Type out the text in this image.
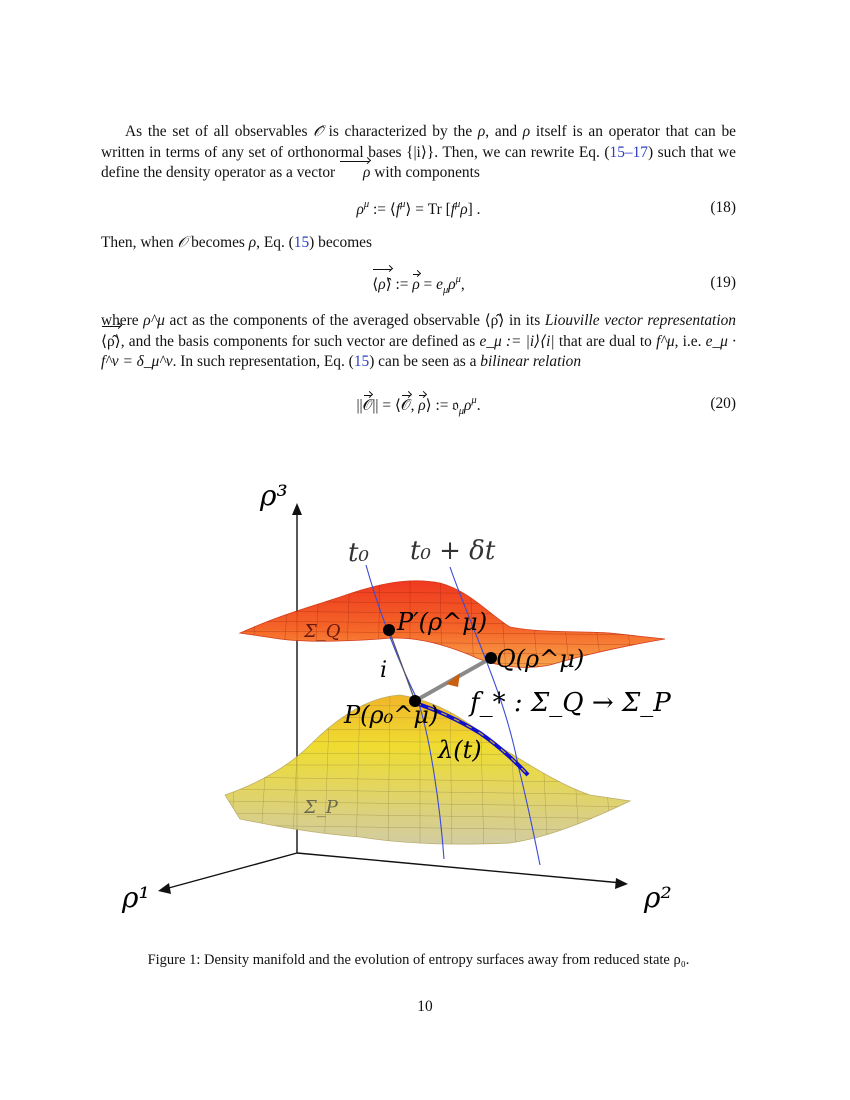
As the set of all observables 𝒪̂ is characterized by the ρ, and ρ itself is an operator that can be written in terms of any set of orthonormal bases {|i⟩}. Then, we can rewrite Eq. (15–17) such that we define the density operator as a vector ρ with components

$\rho^\mu$ := $⟨f^\mu⟩ = Tr$ $[f^\mu\rho]$ .	(18)

Then, when 𝒪 becomes ρ, Eq. (15) becomes

⟨ρ̂⟩ := $\rho = e_\mu\rho^\mu$,	(19)

where ρ^μ act as the components of the averaged observable ⟨ρ̂⟩ in its Liouville vector representation ⟨ρ̂⟩, and the basis components for such vector are defined as e_μ := |i⟩⟨i| that are dual to f^μ, i.e. e_μ · f^ν = δ_μ^ν. In such representation, Eq. (15) can be seen as a bilinear relation

||𝒪|| = ⟨𝒪, ρ⟩ := $𝔬_\mu\rho^\mu$.	(20)
ρ³
ρ¹	ρ²
t₀ t₀ + δt
Σ_Q
Σ_P
P′(ρ^μ)
Q(ρ^μ)
P(ρ₀^μ)
i
f_* : Σ_Q → Σ_P
λ(t)
Figure 1: Density manifold and the evolution of entropy surfaces away from reduced state ρ₀.
10
